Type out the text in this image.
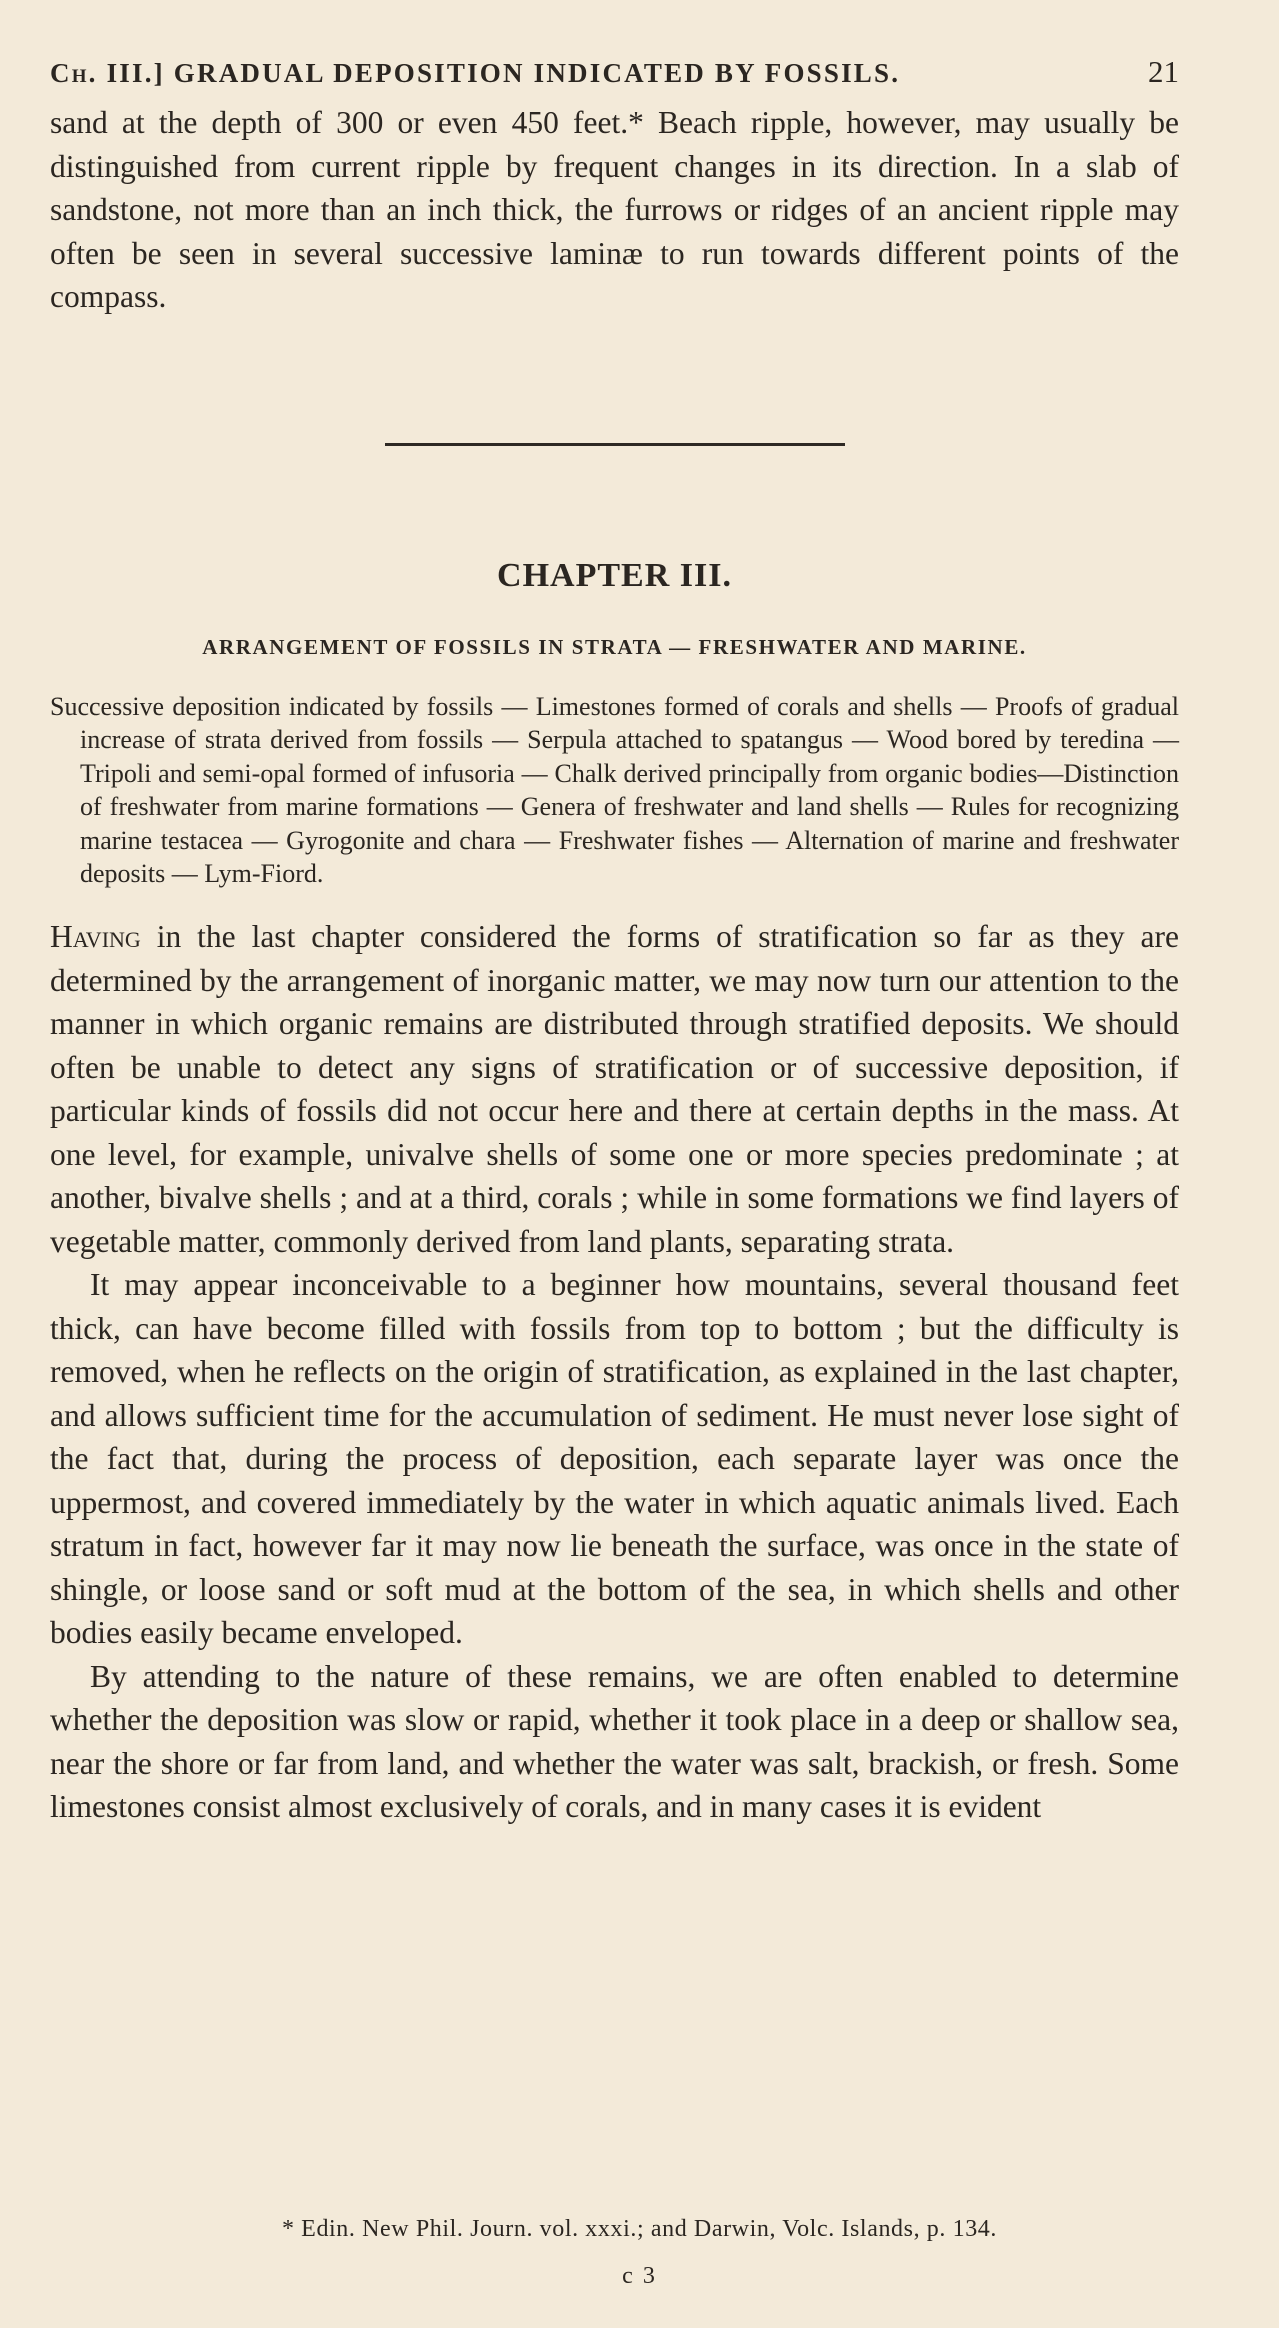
Ch. III.] GRADUAL DEPOSITION INDICATED BY FOSSILS.	21

sand at the depth of 300 or even 450 feet.* Beach ripple, however, may usually be distinguished from current ripple by frequent changes in its direction. In a slab of sandstone, not more than an inch thick, the furrows or ridges of an ancient ripple may often be seen in several successive laminæ to run towards different points of the compass.

CHAPTER III.
ARRANGEMENT OF FOSSILS IN STRATA — FRESHWATER AND MARINE.

Successive deposition indicated by fossils — Limestones formed of corals and shells — Proofs of gradual increase of strata derived from fossils — Serpula attached to spatangus — Wood bored by teredina — Tripoli and semi-opal formed of infusoria — Chalk derived principally from organic bodies—Distinction of freshwater from marine formations — Genera of freshwater and land shells — Rules for recognizing marine testacea — Gyrogonite and chara — Freshwater fishes — Alternation of marine and freshwater deposits — Lym-Fiord.

Having in the last chapter considered the forms of stratification so far as they are determined by the arrangement of inorganic matter, we may now turn our attention to the manner in which organic remains are distributed through stratified deposits. We should often be unable to detect any signs of stratification or of successive deposition, if particular kinds of fossils did not occur here and there at certain depths in the mass. At one level, for example, univalve shells of some one or more species predominate ; at another, bivalve shells ; and at a third, corals ; while in some formations we find layers of vegetable matter, commonly derived from land plants, separating strata.

It may appear inconceivable to a beginner how mountains, several thousand feet thick, can have become filled with fossils from top to bottom ; but the difficulty is removed, when he reflects on the origin of stratification, as explained in the last chapter, and allows sufficient time for the accumulation of sediment. He must never lose sight of the fact that, during the process of deposition, each separate layer was once the uppermost, and covered immediately by the water in which aquatic animals lived. Each stratum in fact, however far it may now lie beneath the surface, was once in the state of shingle, or loose sand or soft mud at the bottom of the sea, in which shells and other bodies easily became enveloped.

By attending to the nature of these remains, we are often enabled to determine whether the deposition was slow or rapid, whether it took place in a deep or shallow sea, near the shore or far from land, and whether the water was salt, brackish, or fresh. Some limestones consist almost exclusively of corals, and in many cases it is evident

* Edin. New Phil. Journ. vol. xxxi.; and Darwin, Volc. Islands, p. 134.
c 3
